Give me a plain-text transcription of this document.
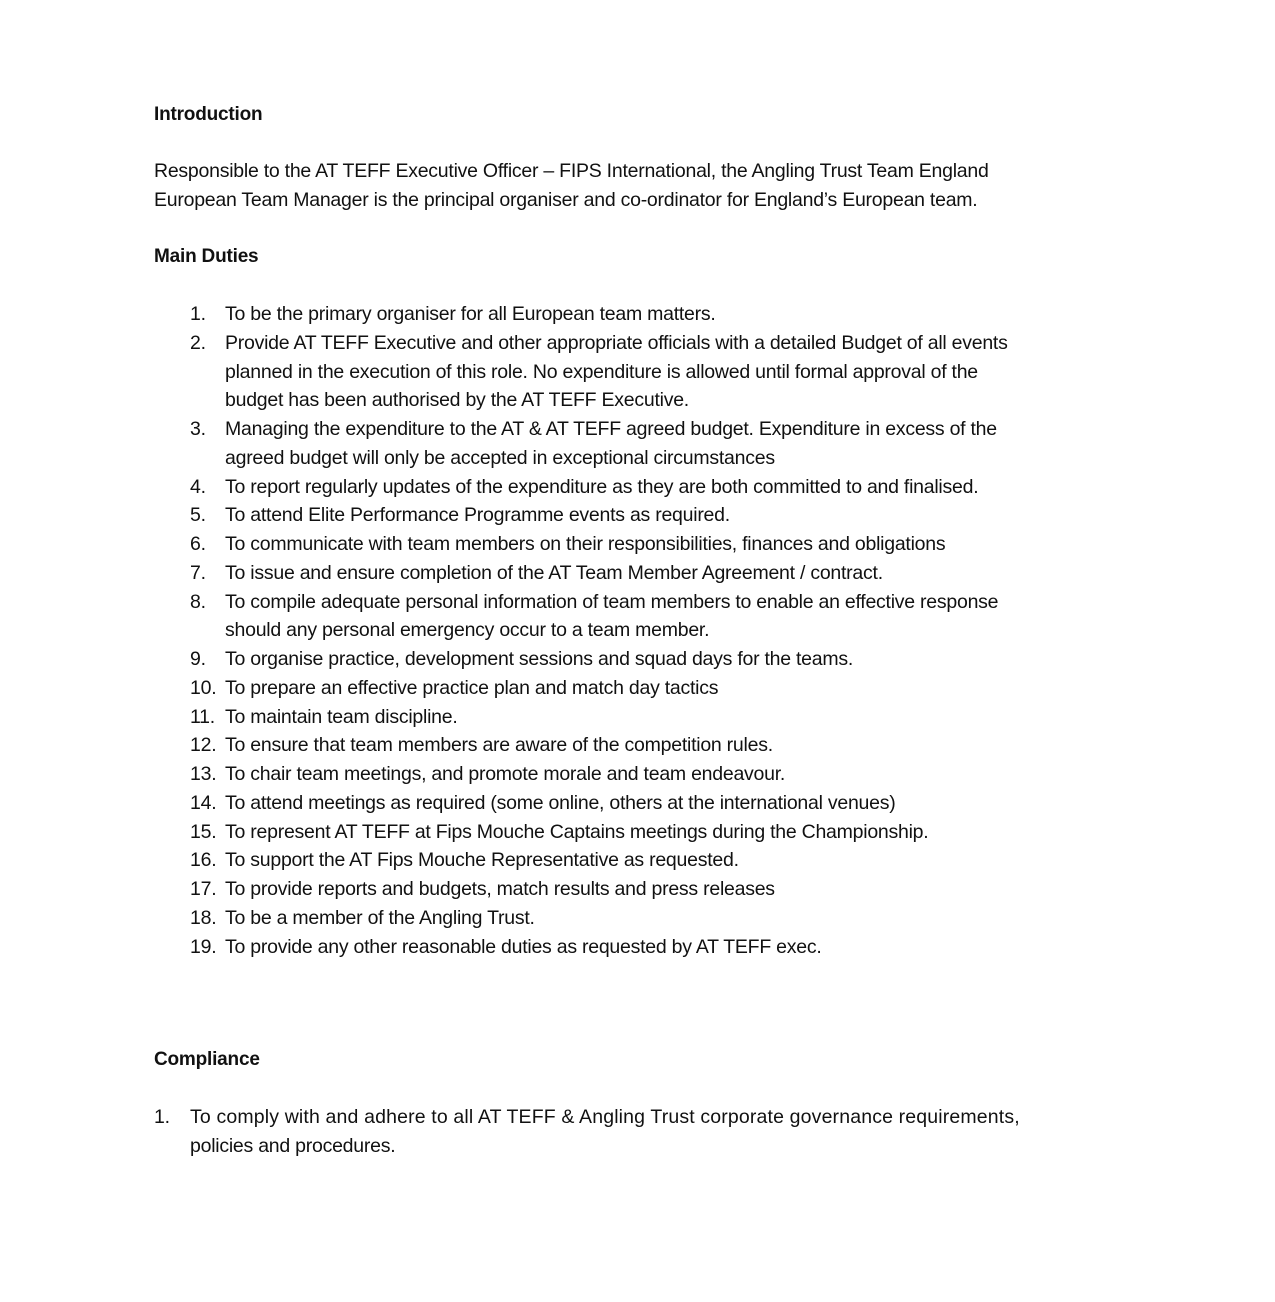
Introduction
Responsible to the AT TEFF Executive Officer – FIPS International, the Angling Trust Team England
European Team Manager is the principal organiser and co-ordinator for England’s European team.
Main Duties
1. To be the primary organiser for all European team matters.
2. Provide AT TEFF Executive and other appropriate officials with a detailed Budget of all events
planned in the execution of this role. No expenditure is allowed until formal approval of the
budget has been authorised by the AT TEFF Executive.
3. Managing the expenditure to the AT & AT TEFF agreed budget. Expenditure in excess of the
agreed budget will only be accepted in exceptional circumstances
4. To report regularly updates of the expenditure as they are both committed to and finalised.
5. To attend Elite Performance Programme events as required.
6. To communicate with team members on their responsibilities, finances and obligations
7. To issue and ensure completion of the AT Team Member Agreement / contract.
8. To compile adequate personal information of team members to enable an effective response
should any personal emergency occur to a team member.
9. To organise practice, development sessions and squad days for the teams.
10. To prepare an effective practice plan and match day tactics
11. To maintain team discipline.
12. To ensure that team members are aware of the competition rules.
13. To chair team meetings, and promote morale and team endeavour.
14. To attend meetings as required (some online, others at the international venues)
15. To represent AT TEFF at Fips Mouche Captains meetings during the Championship.
16. To support the AT Fips Mouche Representative as requested.
17. To provide reports and budgets, match results and press releases
18. To be a member of the Angling Trust.
19. To provide any other reasonable duties as requested by AT TEFF exec.
Compliance
1. To comply with and adhere to all AT TEFF & Angling Trust corporate governance requirements,
policies and procedures.
